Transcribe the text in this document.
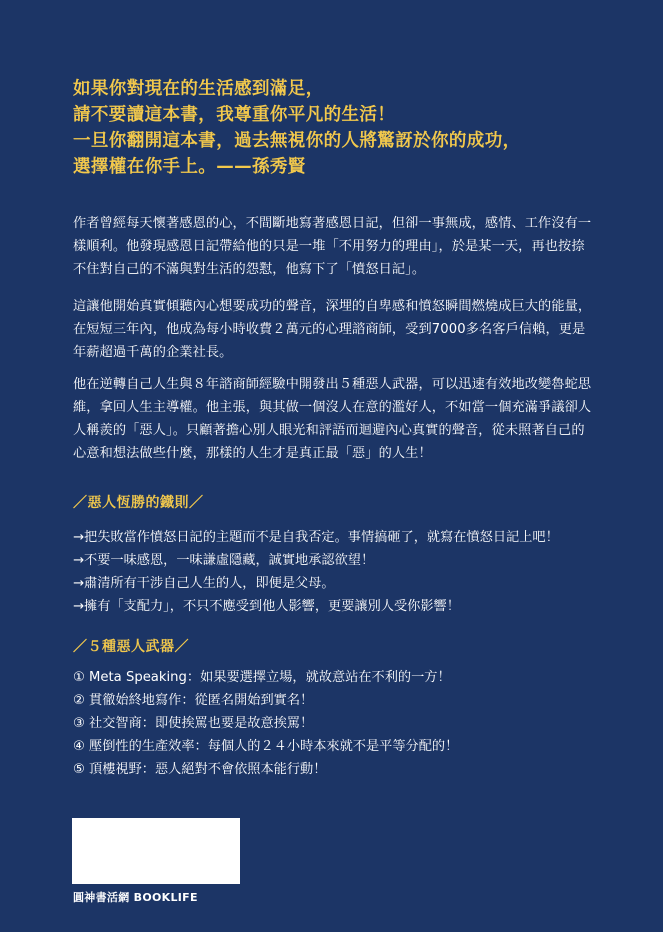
如果你對現在的生活感到滿足，
請不要讀這本書，我尊重你平凡的生活！
一旦你翻開這本書，過去無視你的人將驚訝於你的成功，
選擇權在你手上。——孫秀賢
作者曾經每天懷著感恩的心，不間斷地寫著感恩日記，但卻一事無成，感情、工作沒有一樣順利。他發現感恩日記帶給他的只是一堆「不用努力的理由」，於是某一天，再也按捺不住對自己的不滿與對生活的怨懟，他寫下了「憤怒日記」。
這讓他開始真實傾聽內心想要成功的聲音，深埋的自卑感和憤怒瞬間燃燒成巨大的能量，在短短三年內，他成為每小時收費２萬元的心理諮商師，受到7000多名客戶信賴，更是年薪超過千萬的企業社長。
他在逆轉自己人生與８年諮商師經驗中開發出５種惡人武器，可以迅速有效地改變魯蛇思維，拿回人生主導權。他主張，與其做一個沒人在意的濫好人，不如當一個充滿爭議卻人人稱羨的「惡人」。只顧著擔心別人眼光和評語而迴避內心真實的聲音，從未照著自己的心意和想法做些什麼，那樣的人生才是真正最「惡」的人生！
／惡人恆勝的鐵則／
→把失敗當作憤怒日記的主題而不是自我否定。事情搞砸了，就寫在憤怒日記上吧！
→不要一味感恩，一味謙虛隱藏，誠實地承認欲望！
→肅清所有干涉自己人生的人，即便是父母。
→擁有「支配力」，不只不應受到他人影響，更要讓別人受你影響！
／５種惡人武器／
① Meta Speaking：如果要選擇立場，就故意站在不利的一方！
② 貫徹始終地寫作：從匿名開始到實名！
③ 社交智商：即使挨罵也要是故意挨罵！
④ 壓倒性的生產效率：每個人的２４小時本來就不是平等分配的！
⑤ 頂樓視野：惡人絕對不會依照本能行動！
圓神書活網 BOOKLIFE
